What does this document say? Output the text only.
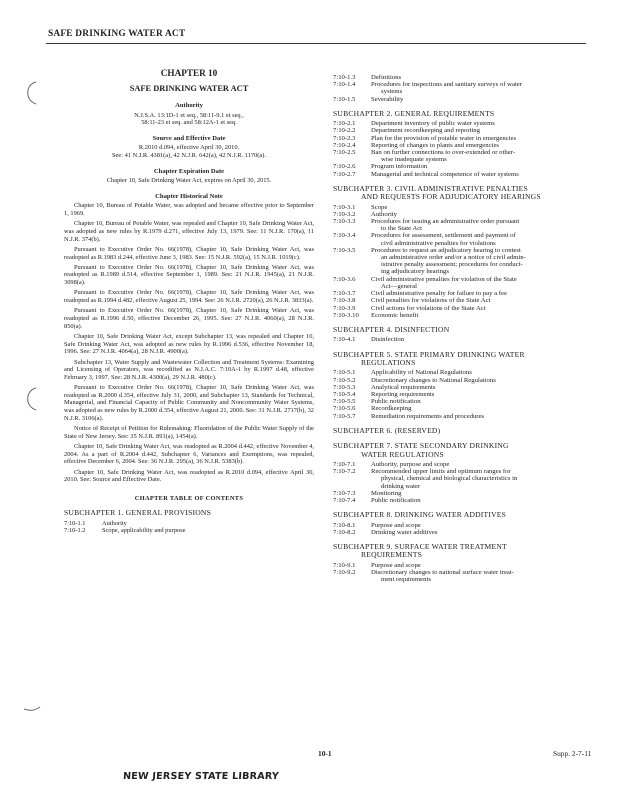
SAFE DRINKING WATER ACT
CHAPTER 10
SAFE DRINKING WATER ACT
Authority
N.J.S.A. 13:1D-1 et seq., 58:11-9.1 et seq.,
58:11-23 et seq. and 58:12A-1 et seq.
Source and Effective Date
R.2010 d.094, effective April 30, 2010.
See: 41 N.J.R. 4381(a), 42 N.J.R. 642(a), 42 N.J.R. 1170(a).
Chapter Expiration Date
Chapter 10, Safe Drinking Water Act, expires on April 30, 2015.
Chapter Historical Note
Chapter 10, Bureau of Potable Water, was adopted and became effective prior to September 1, 1969.
Chapter 10, Bureau of Potable Water, was repealed and Chapter 10, Safe Drinking Water Act, was adopted as new rules by R.1979 d.271, effective July 13, 1979. See: 11 N.J.R. 170(a), 11 N.J.R. 374(b).
Pursuant to Executive Order No. 66(1978), Chapter 10, Safe Drinking Water Act, was readopted as R.1983 d.244, effective June 3, 1983. See: 15 N.J.R. 592(a), 15 N.J.R. 1019(c).
Pursuant to Executive Order No. 66(1978), Chapter 10, Safe Drinking Water Act, was readopted as R.1989 d.514, effective September 1, 1989. See: 21 N.J.R. 1945(a), 21 N.J.R. 3098(a).
Pursuant to Executive Order No. 66(1978), Chapter 10, Safe Drinking Water Act, was readopted as R.1994 d.482, effective August 25, 1994. See: 26 N.J.R. 2720(a), 26 N.J.R. 3833(a).
Pursuant to Executive Order No. 66(1978), Chapter 10, Safe Drinking Water Act, was readopted as R.1996 d.50, effective December 26, 1995. See: 27 N.J.R. 4060(a), 28 N.J.R. 850(a).
Chapter 10, Safe Drinking Water Act, except Subchapter 13, was repealed and Chapter 10, Safe Drinking Water Act, was adopted as new rules by R.1996 d.536, effective November 18, 1996. See: 27 N.J.R. 4064(a), 28 N.J.R. 4900(a).
Subchapter 13, Water Supply and Wastewater Collection and Treatment Systems: Examining and Licensing of Operators, was recodified as N.J.A.C. 7:10A-1 by R.1997 d.48, effective February 3, 1997. See: 28 N.J.R. 4300(a), 29 N.J.R. 480(c).
Pursuant to Executive Order No. 66(1978), Chapter 10, Safe Drinking Water Act, was readopted as R.2000 d.354, effective July 31, 2000, and Subchapter 13, Standards for Technical, Managerial, and Financial Capacity of Public Community and Noncommunity Water Systems, was adopted as new rules by R.2000 d.354, effective August 21, 2000. See: 31 N.J.R. 2717(b), 32 N.J.R. 3106(a).
Notice of Receipt of Petition for Rulemaking: Fluoridation of the Public Water Supply of the State of New Jersey. See: 35 N.J.R. 891(a), 1454(a).
Chapter 10, Safe Drinking Water Act, was readopted as R.2004 d.442, effective November 4, 2004. As a part of R.2004 d.442, Subchapter 6, Variances and Exemptions, was repealed, effective December 6, 2004. See: 36 N.J.R. 295(a), 36 N.J.R. 5383(b).
Chapter 10, Safe Drinking Water Act, was readopted as R.2010 d.094, effective April 30, 2010. See: Source and Effective Date.
CHAPTER TABLE OF CONTENTS
SUBCHAPTER 1. GENERAL PROVISIONS
7:10-1.1	Authority
7:10-1.2	Scope, applicability and purpose
7:10-1.3	Definitions
7:10-1.4	Procedures for inspections and sanitary surveys of water
systems
7:10-1.5	Severability
SUBCHAPTER 2. GENERAL REQUIREMENTS
7:10-2.1	Department inventory of public water systems
7:10-2.2	Department recordkeeping and reporting
7:10-2.3	Plan for the provision of potable water in emergencies
7:10-2.4	Reporting of changes to plants and emergencies
7:10-2.5	Ban on further connections to over-extended or other-
wise inadequate systems
7:10-2.6	Program information
7:10-2.7	Managerial and technical competence of water systems
SUBCHAPTER 3. CIVIL ADMINISTRATIVE PENALTIES
AND REQUESTS FOR ADJUDICATORY HEARINGS
7:10-3.1	Scope
7:10-3.2	Authority
7:10-3.3	Procedures for issuing an administrative order pursuant
to the State Act
7:10-3.4	Procedures for assessment, settlement and payment of
civil administrative penalties for violations
7:10-3.5	Procedures to request an adjudicatory hearing to contest
an administrative order and/or a notice of civil admin-
istrative penalty assessment; procedures for conduct-
ing adjudicatory hearings
7:10-3.6	Civil administrative penalties for violation of the State
Act—general
7:10-3.7	Civil administrative penalty for failure to pay a fee
7:10-3.8	Civil penalties for violations of the State Act
7:10-3.9	Civil actions for violations of the State Act
7:10-3.10	Economic benefit
SUBCHAPTER 4. DISINFECTION
7:10-4.1	Disinfection
SUBCHAPTER 5. STATE PRIMARY DRINKING WATER
REGULATIONS
7:10-5.1	Applicability of National Regulations
7:10-5.2	Discretionary changes to National Regulations
7:10-5.3	Analytical requirements
7:10-5.4	Reporting requirements
7:10-5.5	Public notification
7:10-5.6	Recordkeeping
7:10-5.7	Remediation requirements and procedures
SUBCHAPTER 6. (RESERVED)
SUBCHAPTER 7. STATE SECONDARY DRINKING
WATER REGULATIONS
7:10-7.1	Authority, purpose and scope
7:10-7.2	Recommended upper limits and optimum ranges for
physical, chemical and biological characteristics in
drinking water
7:10-7.3	Monitoring
7:10-7.4	Public notification
SUBCHAPTER 8. DRINKING WATER ADDITIVES
7:10-8.1	Purpose and scope
7:10-8.2	Drinking water additives
SUBCHAPTER 9. SURFACE WATER TREATMENT
REQUIREMENTS
7:10-9.1	Purpose and scope
7:10-9.2	Discretionary changes to national surface water treat-
ment requirements
10-1	Supp. 2-7-11
NEW JERSEY STATE LIBRARY
